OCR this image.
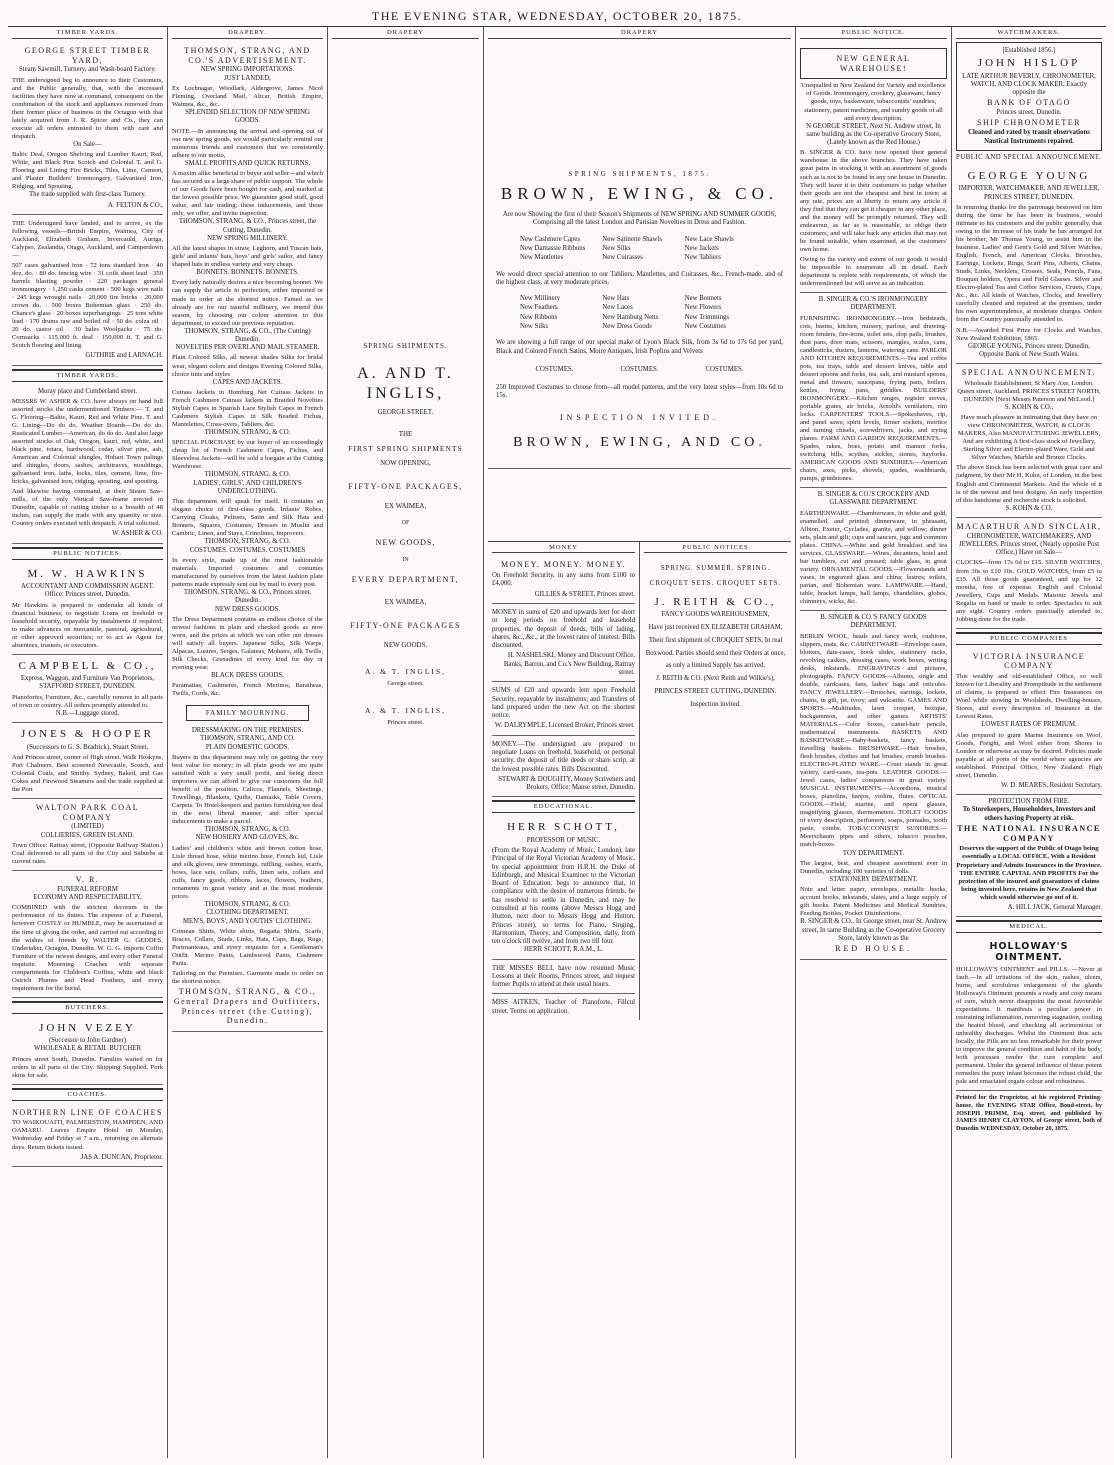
THE EVENING STAR, WEDNESDAY, OCTOBER 20, 1875.
TIMBER YARDS.
GEORGE STREET TIMBER YARD,
Steam Sawmill, Turnery, and Wash-board Factory.
THE undersigned beg to announce to their Customers, and the Public generally, that, with the increased facilities they have now at command, consequent on the combination of the stock and appliances removed from their former place of business in the Octagon with that lately acquired from J. R. Spicer and Co., they can execute all orders entrusted to them with care and despatch.
On Sale—
Baltic Deal, Oregon Shelving and Lumber Kauri, Red, White, and Black Pine Scotch and Colonial T. and G. Flooring and Lining Fire Bricks, Tiles, Lime, Cement, and Plaster Builders' Ironmongery, Galvanised Iron, Ridging, and Spouting.
The trade supplied with first-class Turnery.
A. FELTON & CO.,
THE Undersigned have landed, and to arrive, ex the following vessels—British Empire, Waimea, City of Auckland, Elizabeth Graham, Invercauld, Auriga, Calypso, Zealandia, Otago, Auckland, and Camperdown—
507 cases galvanised iron · 72 tons standard iron · 40 doz. do. · 80 do. fencing wire · 31 coils sheet lead · 350 barrels blasting powder · 220 packages general ironmongery · 1,250 casks cement · 500 kegs wire nails · 245 kegs wrought nails · 20,000 fire bricks · 20,000 crown do. · 500 boxes Bohemian glass · 250 do. Chance's glass · 20 boxes superhangings · 25 tons white lead · 170 drums raw and boiled oil · 50 do. colza oil · 20 do. castor oil · 30 bales Woolpacks · 75 do. Cornsacks · 115,000 ft. deal · 150,000 ft. T. and G. Scotch flooring and lining.
GUTHRIE and LARNACH.
TIMBER YARDS.
Moray place and Cumberland street.
MESSRS W. ASHER & CO. have always on hand full assorted stocks the undermentioned Timbers:— T. and G. Flooring—Baltic, Kauri, Red and White Pine. T. and G. Lining—Do do do. Weather Boards—Do do do. Rusticated Lumber—American, do do do. And also large assorted stocks of Oak, Oregon, kauri, red, white, and black pine, totara, hardwood, cedar, silver pine, ash, American and Colonial shingles, Hobart Town palings and shingles, doors, sashes, architraves, mouldings, galvanised iron, laths, locks, tiles, cement, lime, fire-bricks, galvanised iron, ridging, spouting, and spouting.
And likewise having command, at their Steam Saw-mills, of the only Vertical Saw-frame erected in Dunedin, capable of cutting timber to a breadth of 48 inches, can supply the trade with any quantity or size. Country orders executed with despatch. A trial solicited.
W. ASHER & CO.
PUBLIC NOTICES.
M. W. HAWKINS
ACCOUNTANT AND COMMISSION AGENT.
Office: Princes street, Dunedin.
Mr Hawkins is prepared to undertake all kinds of financial business; to negotiate Loans on freehold or leasehold security, repayable by instalments if required; to make advances on mercantile, pastoral, agricultural, or other approved securities; or to act as Agent for absentees, trustees, or executors.
CAMPBELL & CO.,
Express, Waggon, and Furniture Van Proprietors,
STAFFORD STREET, DUNEDIN.
Pianofortes, Furniture, &c., carefully remove to all parts of town or country. All orders promptly attended to.
N.B.—Luggage stored.
JONES & HOOPER
(Successors to G. S. Bradrick), Stuart Street,
And Princes street, corner of High street. Walk Hoskyns, Port Chalmers. Best screened Newcastle, Scotch, and Colonial Coals, and Smithy. Sydney, Baked, and Gas Cokes and Firewood Steamers and the trade supplied at the Port
WALTON PARK COAL COMPANY
(LIMITED)
COLLIERIES, GREEN ISLAND.
Town Office: Rattray street, (Opposite Railway Station.) Coal delivered to all parts of the City and Suburbs at current rates.
V. R.
FUNERAL REFORM
ECONOMY AND RESPECTABILITY,
COMBINED with the strictest decorum in the performance of its duties. The expense of a Funeral, however COSTLY or HUMBLE, may be ascertained at the time of giving the order, and carried out according to the wishes of friends by WALTER G. GEDDES, Undertaker, Octagon, Dunedin. W. G. G. imports Coffin Furniture of the newest designs, and every other Funeral requisite. Mourning Coaches with separate compartments for Children's Coffins, white and black Ostrich Plumes and Head Feathers, and every requirement for the burial.
BUTCHERS.
JOHN VEZEY
(Successor to John Gardner)
WHOLESALE & RETAIL BUTCHER
Princes street South, Dunedin. Families waited on for orders in all parts of the City. Shipping Supplied. Pork skins for sale.
COACHES.
NORTHERN LINE OF COACHES
TO WAIKOUAITI, PALMERSTON, HAMPDEN, AND OAMARU. Leaves Empire Hotel on Monday, Wednesday and Friday at 7 a.m., returning on alternate days. Return tickets issued.
JAS A. DUNCAN, Proprietor.
DRAPERY.
THOMSON, STRANG, AND CO.'S ADVERTISEMENT.
NEW SPRING IMPORTATIONS.
JUST LANDED,
Ex Lochnagar, Woodlark, Aldergrove, James Nicol Fleming, Overland Mail, Altcar, British Empire, Waimea, &c., &c.
SPLENDID SELECTION OF NEW SPRING GOODS.
NOTE.—In announcing the arrival and opening out of our new spring goods, we would particularly remind our numerous friends and customers that we consistently adhere to our motto,
SMALL PROFITS AND QUICK RETURNS,
A maxim alike beneficial to buyer and seller—and which has secured us a large share of public support. The whole of our Goods have been bought for cash, and marked at the lowest possible price. We guarantee good stuff, good value, and fair trading; these inducements, and those only, we offer, and invite inspection.
THOMSON, STRANG, & CO., Princes street, the Cutting, Dunedin.
NEW SPRING MILLINERY.
All the latest shapes in straw, Leghorn, and Tuscan hats, girls' and infants' hats, boys' and girls' sailor, and fancy shaped hats in endless variety and very cheap.
BONNETS. BONNETS. BONNETS.
Every lady naturally desires a nice becoming bonnet. We can supply the article to perfection, either imported or made to order at the shortest notice. Famed as we already are for our tasteful millinery, we intend this season, by choosing our colour attention to this department, to exceed our previous reputation.
THOMSON, STRANG, & CO., (The Cutting) Dunedin.
NOVELTIES PER OVERLAND MAIL STEAMER.
Plain Colored Silks, all newest shades Silks for bridal wear, elegant colors and designs Evening Colored Silks, choice tints and styles
CAPES AND JACKETS.
Cuirass Jackets in Homburg Net Cuirass Jackets in French Cashmere Cuirass Jackets in Braided Novelties Stylish Capes in Spanish Lace Stylish Capes in French Cashmere Stylish Capes in Silk Beaded Fichus, Mantelettes, Cross-overs, Tabliers, &c.
THOMSON, STRANG, & CO.
SPECIAL PURCHASE by our buyer of an exceedingly cheap lot of French Cashmere Capes, Fichus, and Sleeveless Jackets—will be sold a bargain at the Cutting Warehouse.
THOMSON, STRANG, & CO.
LADIES', GIRLS', AND CHILDREN'S UNDERCLOTHING.
This department will speak for itself. It contains an elegant choice of first-class goods. Infants' Robes, Carrying Cloaks, Pelisses, Satin and Silk Hats and Bonnets, Squares, Costumes, Dresses in Muslin and Cambric, Linen, and Stays, Crinolines, Improvers.
THOMSON, STRANG, & CO.
COSTUMES. COSTUMES. COSTUMES
In every style, made up of the most fashionable materials. Imported costumes and costumes manufactured by ourselves from the latest fashion plate patterns made expressly sent out by mail to every post.
THOMSON, STRANG, & CO., Princes street, Dunedin.
NEW DRESS GOODS.
The Dress Department contains an endless choice of the newest fashions in plain and checked goods as now worn, and the prices at which we can offer our dresses will satisfy all buyers. Japanese Silks, Silk Warps, Alpacas, Lustres, Serges, Galateas, Mohairs, silk Twills, Silk Checks, Grenadines of every kind for day or evening wear.
BLACK DRESS GOODS.
Paramattas, Cashmeres, French Merinos, Baratheas, Twills, Cords, &c.
FAMILY MOURNING.
DRESSMAKING ON THE PREMISES.
THOMSON, STRANG, AND CO.
PLAIN DOMESTIC GOODS.
Buyers in this department may rely on getting the very best value for money; in all plain goods we are quite satisfied with a very small profit, and being direct importers we can afford to give our customers the full benefit of the position. Calicos, Flannels, Sheetings, Towellings, Blankets, Quilts, Damasks, Table Covers, Carpets. To Hotel-keepers and parties furnishing we deal in the most liberal manner, and offer special inducements to make a parcel.
THOMSON, STRANG, & CO.
NEW HOSIERY AND GLOVES, &c.
Ladies' and children's white and brown cotton hose, Lisle thread hose, white merino hose, French kid, Lisle and silk gloves, new trimmings, ruffling, sashes, scarfs, bows, lace sets, collars, cuffs, linen sets, collars and cuffs, fancy goods, ribbons, laces, flowers, feathers, ornaments in great variety and at the most moderate prices.
THOMSON, STRANG, & CO.
CLOTHING DEPARTMENT.
MEN'S, BOYS', AND YOUTHS' CLOTHING.
Crimean Shirts, White shirts, Regatta Shirts, Scarfs, Braces, Collars, Studs, Links, Hats, Caps, Bags, Rugs, Portmanteaus, and every requisite for a Gentleman's Outfit. Merino Pants, Lambswool Pants, Cashmere Pants.
Tailoring on the Premises. Garments made to order on the shortest notice.
THOMSON, STRANG, & CO., General Drapers and Outfitters, Princes street (the Cutting), Dunedin.
DRAPERY
SPRING SHIPMENTS.
A. AND T. INGLIS,
GEORGE STREET.
THE
FIRST SPRING SHIPMENTS
NOW OPENING,
FIFTY-ONE PACKAGES,
EX WAIMEA,
OF
NEW GOODS,
IN
EVERY DEPARTMENT,
EX WAIMEA,
FIFTY-ONE PACKAGES
NEW GOODS.
A. & T. INGLIS,
George street.
A. & T. INGLIS,
Princes street.
DRAPERY
SPRING SHIPMENTS, 1875.
BROWN, EWING, & CO.
Are now Showing the first of their Season's Shipments of NEW SPRING AND SUMMER GOODS, Comprising all the latest London and Parisian Novelties in Dress and Fashion.
New Cashmere Capes	New Satinette Shawls	New Lace Shawls
New Damassie Ribbons	New Silks	New Jackets
New Mantlettes	New Cuirasses	New Tabliers
We would direct special attention to our Tabliers, Mantlettes, and Cuirasses, &c., French-made, and of the highest class, at very moderate prices.
New Millinery	New Hats	New Bonnets
New Feathers	New Laces	New Flowers
New Ribbons	New Hamburg Netts	New Trimmings
New Silks	New Dress Goods	New Costumes
We are showing a full range of our special make of Lyon's Black Silk, from 3s 6d to 17s 6d per yard, Black and Colored French Satins, Moire Antiques, Irish Poplins and Velvets
COSTUMES.	COSTUMES.	COSTUMES.
250 Improved Costumes to choose from—all model patterns, and the very latest styles—from 10s 6d to 15s.
INSPECTION INVITED.
BROWN, EWING, AND CO.
MONEY
MONEY. MONEY. MONEY.
On Freehold Security, in any sums from £100 to £4,000.
GILLIES & STREET, Princes street.
MONEY in sums of £20 and upwards lent for short or long periods on freehold and leasehold properties, the deposit of deeds, bills of lading, shares, &c., &c., at the lowest rates of interest. Bills discounted.
H. NASHELSKI, Money and Discount Office, Banks, Barron, and Co.'s New Building, Rattray street.
SUMS of £20 and upwards lent upon Freehold Security, repayable by instalments; and Transfers of land prepared under the new Act on the shortest notice.
W. DALRYMPLE, Licensed Broker, Princes street.
MONEY.—The undersigned are prepared to negotiate Loans on freehold, leasehold, or personal security, the deposit of title deeds or share scrip, at the lowest possible rates. Bills Discounted.
STEWART & DOUGHTY, Money Scriveners and Brokers, Office: Manse street, Dunedin.
EDUCATIONAL.
HERR SCHOTT,
PROFESSOR OF MUSIC.
(From the Royal Academy of Music, London), late Principal of the Royal Victorian Academy of Music, by special appointment from H.R.H. the Duke of Edinburgh, and Musical Examiner to the Victorian Board of Education, begs to announce that, in compliance with the desire of numerous friends, he has resolved to settle in Dunedin, and may be consulted at his rooms (above Messrs Hogg and Hutton, next door to Messrs Hogg and Hutton, Princes street), so terms for Piano, Singing, Harmonium, Theory, and Composition, daily, from ten o'clock till twelve, and from two till four.
HERR SCHOTT, R.A.M., L.
THE MISSES BELL have now resumed Music Lessons at their Rooms, Princes street, and request former Pupils to attend at their usual hours.
MISS AITKEN, Teacher of Pianoforte, Fillcul street. Terms on application.
PUBLIC NOTICES
SPRING. SUMMER. SPRING.
CROQUET SETS. CROQUET SETS.
J. REITH & CO.,
FANCY GOODS WAREHOUSEMEN,
Have just received EX ELIZABETH GRAHAM, Their first shipment of CROQUET SETS, In real Boxwood. Parties should send their Orders at once, as only a limited Supply has arrived.
J. REITH & CO. (Next Reith and Wilkie's), PRINCES STREET CUTTING, DUNEDIN. Inspection invited.
PUBLIC NOTICE.
NEW GENERAL WAREHOUSE!
Unequalled in New Zealand for Variety and excellence of Goods. Ironmongery, crockery, glassware, fancy goods, toys, basketware, tobacconists' sundries, stationery, patent medicines, and sundry goods of all and every description.
N GEORGE STREET, Next St. Andrew street, In same building as the Co-operative Grocery Store, (Lately known as the Red House.)
B. SINGER & CO. have now opened their general warehouse in the above branches. They have taken great pains in stocking it with an assortment of goods such as is not to be found in any one house in Dunedin. They will leave it to their customers to judge whether their goods are not the cheapest and best in town; at any rate, prices are at liberty to return any article if they find that they can get it cheaper in any other place, and the money will be promptly returned. They will endeavour, as far as is reasonable, to oblige their customers, and will take back any articles that may not be found suitable, when examined, at the customers' own home.
Owing to the variety and extent of our goods it would be impossible to enumerate all in detail. Each department is replete with requirements, of which the undermentioned list will serve as an indication.
B. SINGER & CO.'S IRONMONGERY DEPARTMENT.
FURNISHING IRONMONGERY.—Iron bedsteads, cots, basins, kitchen, nursery, parlour, and drawing-room fenders, fire-irons, toilet sets, slop pails, brushes, dust pans, door mats, scissors, mangles, scales, cans, candlesticks, dusters, lanterns, watering cans. PARLOR AND KITCHEN REQUIREMENTS.—Tea and coffee pots, tea trays, table and dessert knives, table and dessert spoons and forks, tea, salt, and mustard spoons, metal and tinware, saucepans, frying pans, boilers, kettles, frying pans, griddles. BUILDERS' IRONMONGERY.—Kitchen ranges, register stoves, portable grates, air bricks, Arnold's ventilators, rim locks. CARPENTERS' TOOLS.—Spokeshaves, rip, and panel saws; spirit levels, firmer sockets, mortice and turning chisels, screwdrivers, jacks, and trying planes. FARM AND GARDEN REQUIREMENTS.—Spades, rakes, hoes, potato and manure forks, switching bills, scythes, sickles, stones, hayforks. AMERICAN GOODS AND SUNDRIES.—American chairs, axes, picks, shovels, spades, washboards, pumps, grindstones.
B. SINGER & CO.'S CROCKERY AND GLASSWARE DEPARTMENT.
EARTHENWARE.—Chamberware, in white and gold, enamelled, and printed; dinnerware, in pheasant, Albion, Exeter, Cyclades, granite, and willow; dinner sets, plain and gilt; cups and saucers, jugs and common plates. CHINA.—White and gold breakfast and tea services. GLASSWARE.—Wines, decanters, hotel and bar tumblers, cut and pressed; table glass, in great variety. ORNAMENTAL GOODS.—Flowerstands and vases, in engraved glass and china; lustres; toilets, parian, and Bohemian ware. LAMPWARE.—Hand, table, bracket lamps, hall lamps, chandeliers, globes, chimneys, wicks, &c.
B. SINGER & CO.'S FANCY GOODS DEPARTMENT.
BERLIN WOOL, beads and fancy work, cushions, slippers, mats, &c. CABINETWARE—Envelope cases, blotters, date-cases, book slides, stationery racks, revolving caskets, dressing cases, work boxes, writing desks, inkstands. ENGRAVINGS and pictures, photographs. FANCY GOODS—Albums, single and double, cardcases, fans, ladies' bags and reticules. FANCY JEWELLERY.—Brooches, earrings, lockets, chains, in gilt, jet, ivory, and vulcanite. GAMES AND SPORTS.—Multitudes, lawn croquet, bezique, backgammon, and other games. ARTISTS' MATERIALS.—Color boxes, camel-hair pencils, mathematical instruments. BASKETS AND BASKETWARE.—Baby-baskets, fancy baskets, travelling baskets. BRUSHWARE.—Hair brushes, flesh brushes, clothes and hat brushes, crumb brushes. ELECTRO-PLATED WARE.—Cruet stands in great variety, card-cases, tea-pots. LEATHER GOODS.—Jewel cases, ladies' companions in great variety. MUSICAL INSTRUMENTS.—Accordions, musical boxes, pianolins, banjos, violins, flutes. OPTICAL GOODS.—Field, marine, and opera glasses, magnifying glasses, thermometers. TOILET GOODS of every description, perfumery, soaps, pomades, tooth paste, combs. TOBACCONISTS' SUNDRIES.—Meerschaum pipes and others, tobacco pouches, match-boxes.
TOY DEPARTMENT.
The largest, best, and cheapest assortment ever in Dunedin, including 100 varieties of dolls.
STATIONERY DEPARTMENT.
Note and letter paper, envelopes, metallic books, account books, inkstands, slates, and a large supply of gift books. Patent Medicines and Medical Sundries, Feeding Bottles, Pocket Disinfections.
B. SINGER & CO., In George street, near St. Andrew street, In same Building as the Co-operative Grocery Store, lately known as the
RED HOUSE.
WATCHMAKERS.
[Established 1856.]
JOHN HISLOP
LATE ARTHUR BEVERLY, CHRONOMETER, WATCH, AND CLOCK MAKER, Exactly opposite the
BANK OF OTAGO
Princes street, Dunedin.
SHIP CHRONOMETER
Cleaned and rated by transit observations Nautical Instruments repaired.
PUBLIC AND SPECIAL ANNOUNCEMENT.
GEORGE YOUNG
IMPORTER, WATCHMAKER, AND JEWELLER, PRINCES STREET, DUNEDIN.
In returning thanks for the patronage bestowed on him during the time he has been in business, would intimate to his customers and the public generally, that owing to the increase of his trade he has arranged for his brother, Mr Thomas Young, to assist him in the business. Ladies' and Gent's Gold and Silver Watches, English, French, and American Clocks. Brooches, Earrings, Lockets, Rings, Scarf Pins, Alberts, Chains, Studs, Links, Necklets, Crosses, Seals, Pencils, Fans, Bouquet holders, Opera and Field Glasses. Silver and Electro-plated Tea and Coffee Services, Cruets, Cups, &c., &c. All kinds of Watches, Clocks, and Jewellery carefully cleaned and repaired at the premises, under his own superintendence, at moderate charges. Orders from the Country punctually attended to.
N.B.—Awarded First Prize for Clocks and Watches, New Zealand Exhibition, 1865.
GEORGE YOUNG, Princes street, Dunedin, Opposite Bank of New South Wales.
SPECIAL ANNOUNCEMENT.
Wholesale Establishment, St Mary Axe, London. Queen street, Auckland. PRINCES STREET NORTH, DUNEDIN [Next Messrs Paterson and McLeod.]
S. KOHN & CO.,
Have much pleasure in intimating that they have on view CHRONOMETER, WATCH, & CLOCK MAKERS, Also MANUFACTURING JEWELLERS, And are exhibiting A first-class stock of Jewellery, Sterling Silver and Electro-plated Ware, Gold and Silver Watches, Marble and Bronze Clocks.
The above Stock has been selected with great care and judgment, by their Mr H. Kohn, of London, in the best English and Continental Markets. And the whole of it is of the newest and best designs. An early inspection of this handsome and recherché stock is solicited.
S. KOHN & CO.
MACARTHUR AND SINCLAIR,
CHRONOMETER, WATCHMAKERS, AND JEWELLERS, Princes street, (Nearly opposite Post Office,) Have on Sale—
CLOCKS—from 17s 6d to £15. SILVER WATCHES, from 30s to £10 10s. GOLD WATCHES, from £5 to £35. All those goods guaranteed, and up for 12 months, free of expense. English and Colonial Jewellery, Cups and Medals. Masonic Jewels and Regalia on hand or made to order. Spectacles to suit any sight. Country orders punctually attended to. Jobbing done for the trade.
PUBLIC COMPANIES
VICTORIA INSURANCE COMPANY
This wealthy and old-established Office, so well known for Liberality and Promptitude in the settlement of claims, is prepared to effect Fire Insurances on Wool while stowing in Woolsheds, Dwelling-houses, Stores, and every description of Insurance at the Lowest Rates.
LOWEST RATES OF PREMIUM.
Also prepared to grant Marine Insurance on Wool, Goods, Freight, and Wool either from Shores to London or otherwise as may be desired. Policies made payable at all ports of the world where agencies are established. Principal Office, New Zealand: High street, Dunedin.
W. D. MEARES, Resident Secretary.
PROTECTION FROM FIRE.
To Storekeepers, Householders, Investors and others having Property at risk.
THE NATIONAL INSURANCE COMPANY
Deserves the support of the Public of Otago being essentially a LOCAL OFFICE, With a Resident Proprietary and Admits Insurances in the Province. THE ENTIRE CAPITAL AND PROFITS For the protection of the insured and guarantors of claims being invested here, retains in New Zealand that which would otherwise go out of it.
A. HILL JACK, General Manager.
MEDICAL.
HOLLOWAY'S OINTMENT.
HOLLOWAY'S OINTMENT and PILLS. —Never at fault.—In all irritations of the skin, rashes, ulcers, burns, and scrofulous enlargement of the glands Holloway's Ointment presents a ready and cosy means of cure, which never disappoint the most favourable expectations. It manifests a peculiar power in restraining inflammation, removing stagnation, cooling the heated blood, and checking all acrimonious or unhealthy discharges. Whilst the Ointment thus acts locally, the Pills are no less remarkable for their power to improve the general condition and habit of the body, both processes render the cure complete and permanent. Under the general influence of these potent remedies the puny infant becomes the robust child, the pale and emaciated regain colour and robustness.
Printed for the Proprietor, at his registered Printing-house, the EVENING STAR Office, Bond-street, by JOSEPH PRIMM, Esq. street, and published by JAMES HENRY CLAYTON, of George street, both of Dunedin WEDNESDAY, October 20, 1875.
